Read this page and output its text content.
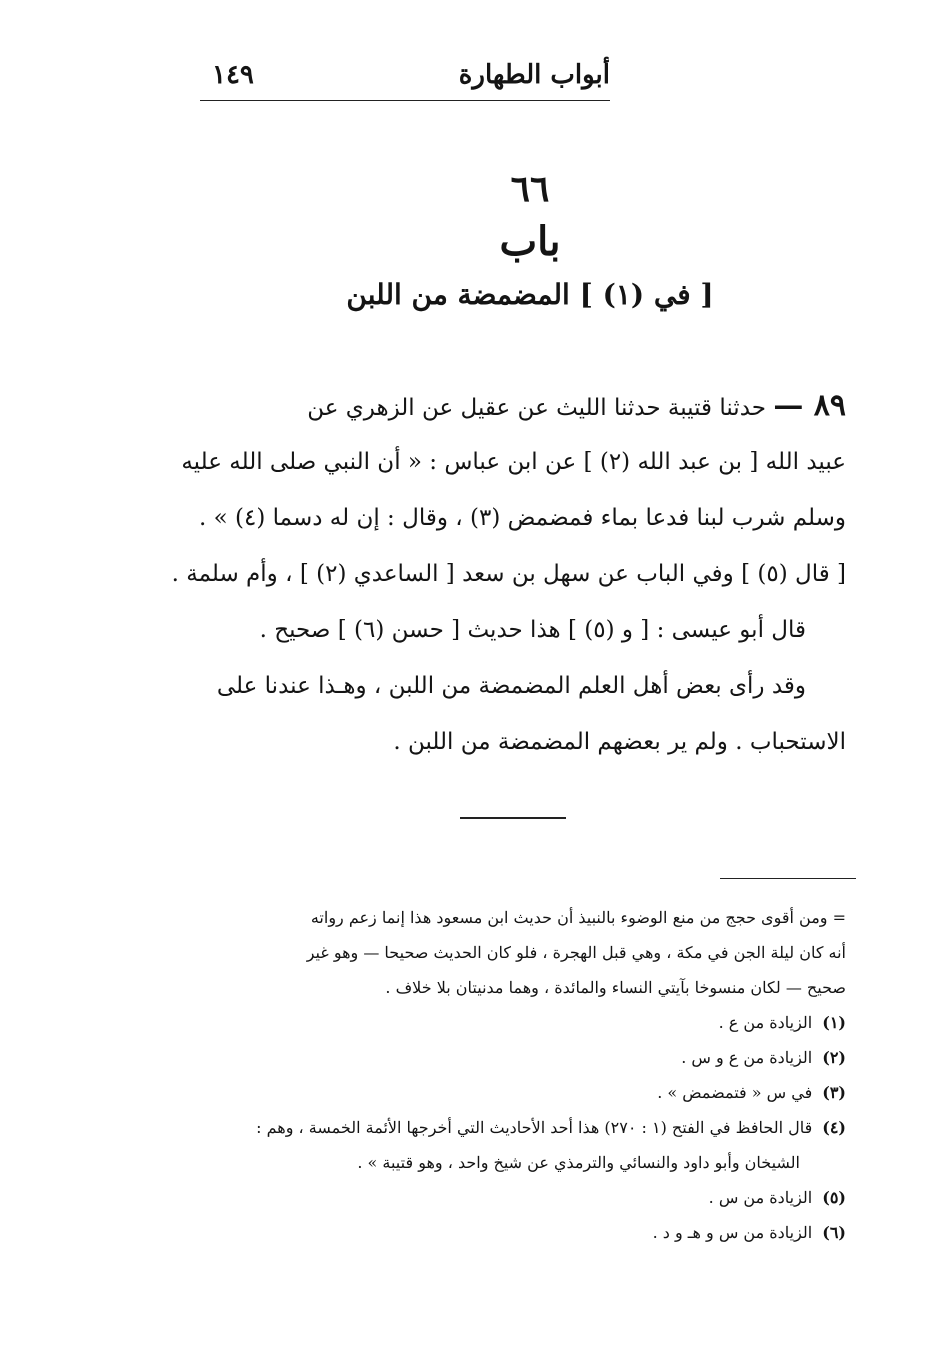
أبواب الطهارة
١٤٩
٦٦
باب
[ في (١) ] المضمضة من اللبن
٨٩ — حدثنا قتيبة حدثنا الليث عن عقيل عن الزهري عن
عبيد الله [ بن عبد الله (٢) ] عن ابن عباس : « أن النبي صلى الله عليه
وسلم شرب لبنا فدعا بماء فمضمض (٣) ، وقال : إن له دسما (٤) » .
[ قال (٥) ] وفي الباب عن سهل بن سعد [ الساعدي (٢) ] ، وأم سلمة .
قال أبو عيسى : [ و (٥) ] هذا حديث [ حسن (٦) ] صحيح .
وقد رأى بعض أهل العلم المضمضة من اللبن ، وهـذا عندنا على
الاستحباب . ولم ير بعضهم المضمضة من اللبن .
= ومن أقوى حجج من منع الوضوء بالنبيذ أن حديث ابن مسعود هذا إنما زعم رواته
أنه كان ليلة الجن في مكة ، وهي قبل الهجرة ، فلو كان الحديث صحيحا — وهو غير
صحيح — لكان منسوخا بآيتي النساء والمائدة ، وهما مدنيتان بلا خلاف .
(١)الزيادة من ع .
(٢)الزيادة من ع و س .
(٣)في س « فتمضمض » .
(٤)قال الحافظ في الفتح (١ : ٢٧٠) هذا أحد الأحاديث التي أخرجها الأئمة الخمسة ، وهم :
الشيخان وأبو داود والنسائي والترمذي عن شيخ واحد ، وهو قتيبة » .
(٥)الزيادة من س .
(٦)الزيادة من س و هـ و د .
